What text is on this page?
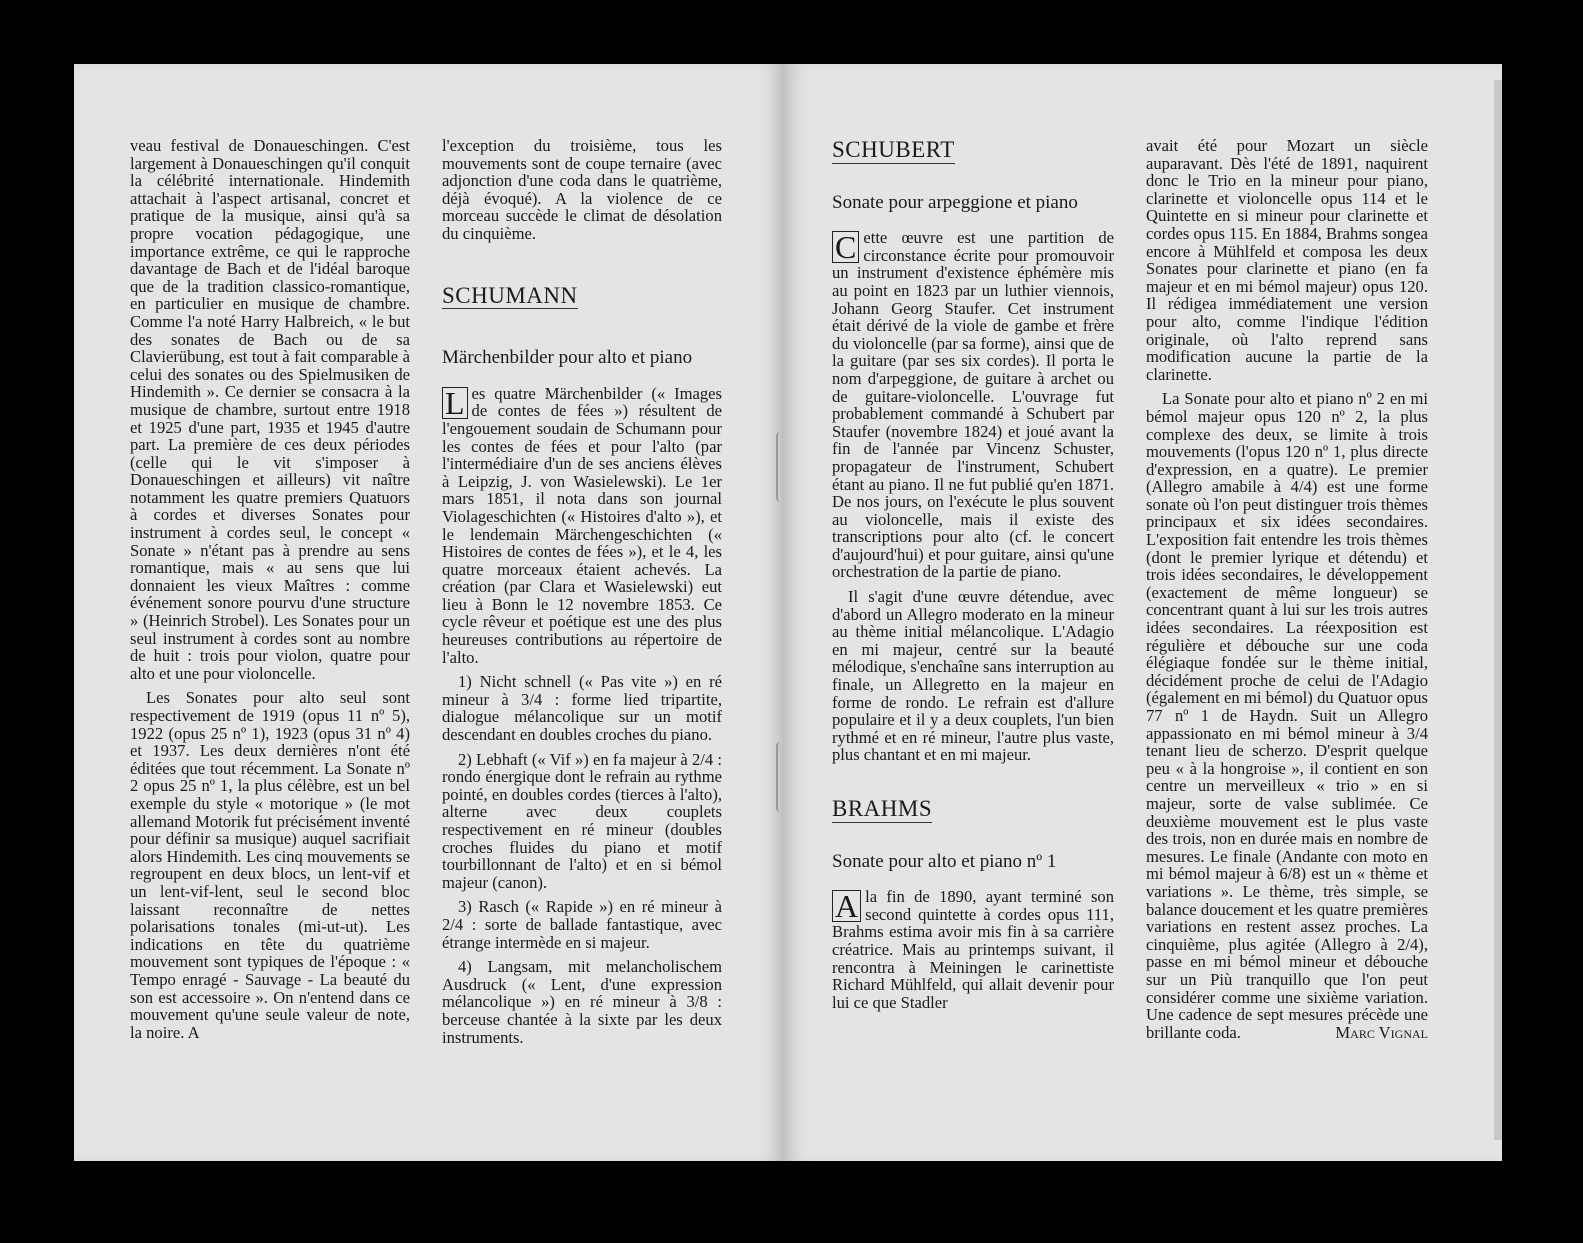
veau festival de Donaueschingen. C'est largement à Donaueschingen qu'il conquit la célébrité internationale. Hindemith attachait à l'aspect artisanal, concret et pratique de la musique, ainsi qu'à sa propre vocation pédagogique, une importance extrême, ce qui le rapproche davantage de Bach et de l'idéal baroque que de la tradition classico-romantique, en particulier en musique de chambre. Comme l'a noté Harry Halbreich, « le but des sonates de Bach ou de sa Clavierübung, est tout à fait comparable à celui des sonates ou des Spielmusiken de Hindemith ». Ce dernier se consacra à la musique de chambre, surtout entre 1918 et 1925 d'une part, 1935 et 1945 d'autre part. La première de ces deux périodes (celle qui le vit s'imposer à Donaueschingen et ailleurs) vit naître notamment les quatre premiers Quatuors à cordes et diverses Sonates pour instrument à cordes seul, le concept « Sonate » n'étant pas à prendre au sens romantique, mais « au sens que lui donnaient les vieux Maîtres : comme événement sonore pourvu d'une structure » (Heinrich Strobel). Les Sonates pour un seul instrument à cordes sont au nombre de huit : trois pour violon, quatre pour alto et une pour violoncelle.

Les Sonates pour alto seul sont respectivement de 1919 (opus 11 nº 5), 1922 (opus 25 nº 1), 1923 (opus 31 nº 4) et 1937. Les deux dernières n'ont été éditées que tout récemment. La Sonate nº 2 opus 25 nº 1, la plus célèbre, est un bel exemple du style « motorique » (le mot allemand Motorik fut précisément inventé pour définir sa musique) auquel sacrifiait alors Hindemith. Les cinq mouvements se regroupent en deux blocs, un lent-vif et un lent-vif-lent, seul le second bloc laissant reconnaître de nettes polarisations tonales (mi-ut-ut). Les indications en tête du quatrième mouvement sont typiques de l'époque : « Tempo enragé - Sauvage - La beauté du son est accessoire ». On n'entend dans ce mouvement qu'une seule valeur de note, la noire. A

l'exception du troisième, tous les mouvements sont de coupe ternaire (avec adjonction d'une coda dans le quatrième, déjà évoqué). A la violence de ce morceau succède le climat de désolation du cinquième.

SCHUMANN
Märchenbilder pour alto et piano

L es quatre Märchenbilder (« Images de contes de fées ») résultent de l'engouement soudain de Schumann pour les contes de fées et pour l'alto (par l'intermédiaire d'un de ses anciens élèves à Leipzig, J. von Wasielewski). Le 1er mars 1851, il nota dans son journal Violageschichten (« Histoires d'alto »), et le lendemain Märchengeschichten (« Histoires de contes de fées »), et le 4, les quatre morceaux étaient achevés. La création (par Clara et Wasielewski) eut lieu à Bonn le 12 novembre 1853. Ce cycle rêveur et poétique est une des plus heureuses contributions au répertoire de l'alto.

1) Nicht schnell (« Pas vite ») en ré mineur à 3/4 : forme lied tripartite, dialogue mélancolique sur un motif descendant en doubles croches du piano.

2) Lebhaft (« Vif ») en fa majeur à 2/4 : rondo énergique dont le refrain au rythme pointé, en doubles cordes (tierces à l'alto), alterne avec deux couplets respectivement en ré mineur (doubles croches fluides du piano et motif tourbillonnant de l'alto) et en si bémol majeur (canon).

3) Rasch (« Rapide ») en ré mineur à 2/4 : sorte de ballade fantastique, avec étrange intermède en si majeur.

4) Langsam, mit melancholischem Ausdruck (« Lent, d'une expression mélancolique ») en ré mineur à 3/8 : berceuse chantée à la sixte par les deux instruments.

SCHUBERT
Sonate pour arpeggione et piano

C ette œuvre est une partition de circonstance écrite pour promouvoir un instrument d'existence éphémère mis au point en 1823 par un luthier viennois, Johann Georg Staufer. Cet instrument était dérivé de la viole de gambe et frère du violoncelle (par sa forme), ainsi que de la guitare (par ses six cordes). Il porta le nom d'arpeggione, de guitare à archet ou de guitare-violoncelle. L'ouvrage fut probablement commandé à Schubert par Staufer (novembre 1824) et joué avant la fin de l'année par Vincenz Schuster, propagateur de l'instrument, Schubert étant au piano. Il ne fut publié qu'en 1871. De nos jours, on l'exécute le plus souvent au violoncelle, mais il existe des transcriptions pour alto (cf. le concert d'aujourd'hui) et pour guitare, ainsi qu'une orchestration de la partie de piano.

Il s'agit d'une œuvre détendue, avec d'abord un Allegro moderato en la mineur au thème initial mélancolique. L'Adagio en mi majeur, centré sur la beauté mélodique, s'enchaîne sans interruption au finale, un Allegretto en la majeur en forme de rondo. Le refrain est d'allure populaire et il y a deux couplets, l'un bien rythmé et en ré mineur, l'autre plus vaste, plus chantant et en mi majeur.

BRAHMS
Sonate pour alto et piano nº 1

A la fin de 1890, ayant terminé son second quintette à cordes opus 111, Brahms estima avoir mis fin à sa carrière créatrice. Mais au printemps suivant, il rencontra à Meiningen le carinettiste Richard Mühlfeld, qui allait devenir pour lui ce que Stadler

avait été pour Mozart un siècle auparavant. Dès l'été de 1891, naquirent donc le Trio en la mineur pour piano, clarinette et violoncelle opus 114 et le Quintette en si mineur pour clarinette et cordes opus 115. En 1884, Brahms songea encore à Mühlfeld et composa les deux Sonates pour clarinette et piano (en fa majeur et en mi bémol majeur) opus 120. Il rédigea immédiatement une version pour alto, comme l'indique l'édition originale, où l'alto reprend sans modification aucune la partie de la clarinette.

La Sonate pour alto et piano nº 2 en mi bémol majeur opus 120 nº 2, la plus complexe des deux, se limite à trois mouvements (l'opus 120 nº 1, plus directe d'expression, en a quatre). Le premier (Allegro amabile à 4/4) est une forme sonate où l'on peut distinguer trois thèmes principaux et six idées secondaires. L'exposition fait entendre les trois thèmes (dont le premier lyrique et détendu) et trois idées secondaires, le développement (exactement de même longueur) se concentrant quant à lui sur les trois autres idées secondaires. La réexposition est régulière et débouche sur une coda élégiaque fondée sur le thème initial, décidément proche de celui de l'Adagio (également en mi bémol) du Quatuor opus 77 nº 1 de Haydn. Suit un Allegro appassionato en mi bémol mineur à 3/4 tenant lieu de scherzo. D'esprit quelque peu « à la hongroise », il contient en son centre un merveilleux « trio » en si majeur, sorte de valse sublimée. Ce deuxième mouvement est le plus vaste des trois, non en durée mais en nombre de mesures. Le finale (Andante con moto en mi bémol majeur à 6/8) est un « thème et variations ». Le thème, très simple, se balance doucement et les quatre premières variations en restent assez proches. La cinquième, plus agitée (Allegro à 2/4), passe en mi bémol mineur et débouche sur un Più tranquillo que l'on peut considérer comme une sixième variation. Une cadence de sept mesures précède une brillante coda.	Marc Vignal
